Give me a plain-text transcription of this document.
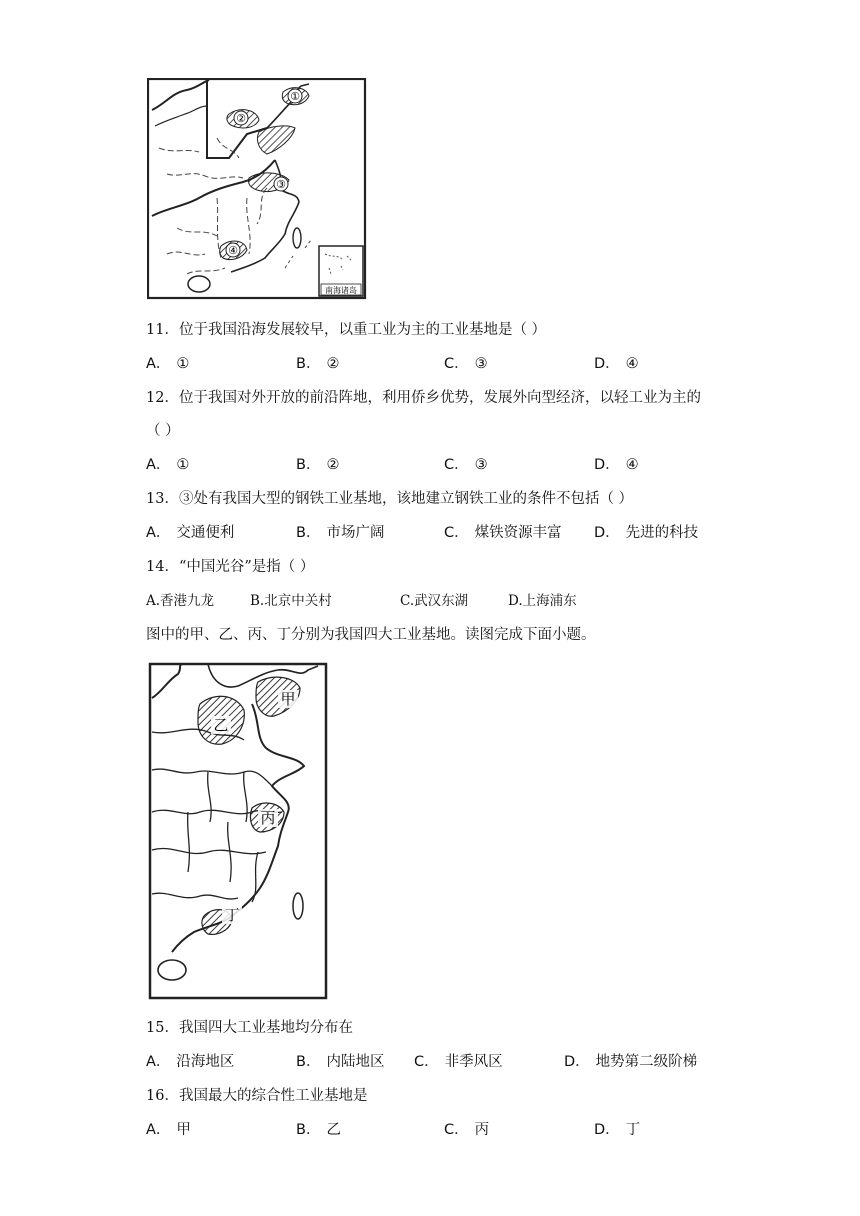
①
②
③
④
南海诸岛
11．位于我国沿海发展较早，以重工业为主的工业基地是（ ）
A． ①	B． ②	C． ③	D． ④
12．位于我国对外开放的前沿阵地，利用侨乡优势，发展外向型经济，以轻工业为主的
（ ）
A． ①	B． ②	C． ③	D． ④
13．③处有我国大型的钢铁工业基地，该地建立钢铁工业的条件不包括（ ）
A． 交通便利	B． 市场广阔	C． 煤铁资源丰富 D． 先进的科技
14．“中国光谷”是指（ ）
A.香港九龙	B.北京中关村	C.武汉东湖	D.上海浦东
图中的甲、乙、丙、丁分别为我国四大工业基地。读图完成下面小题。
乙
甲
丙
丁
15．我国四大工业基地均分布在
A． 沿海地区	B． 内陆地区 C． 非季风区	D． 地势第二级阶梯
16．我国最大的综合性工业基地是
A． 甲	B． 乙	C． 丙	D． 丁
